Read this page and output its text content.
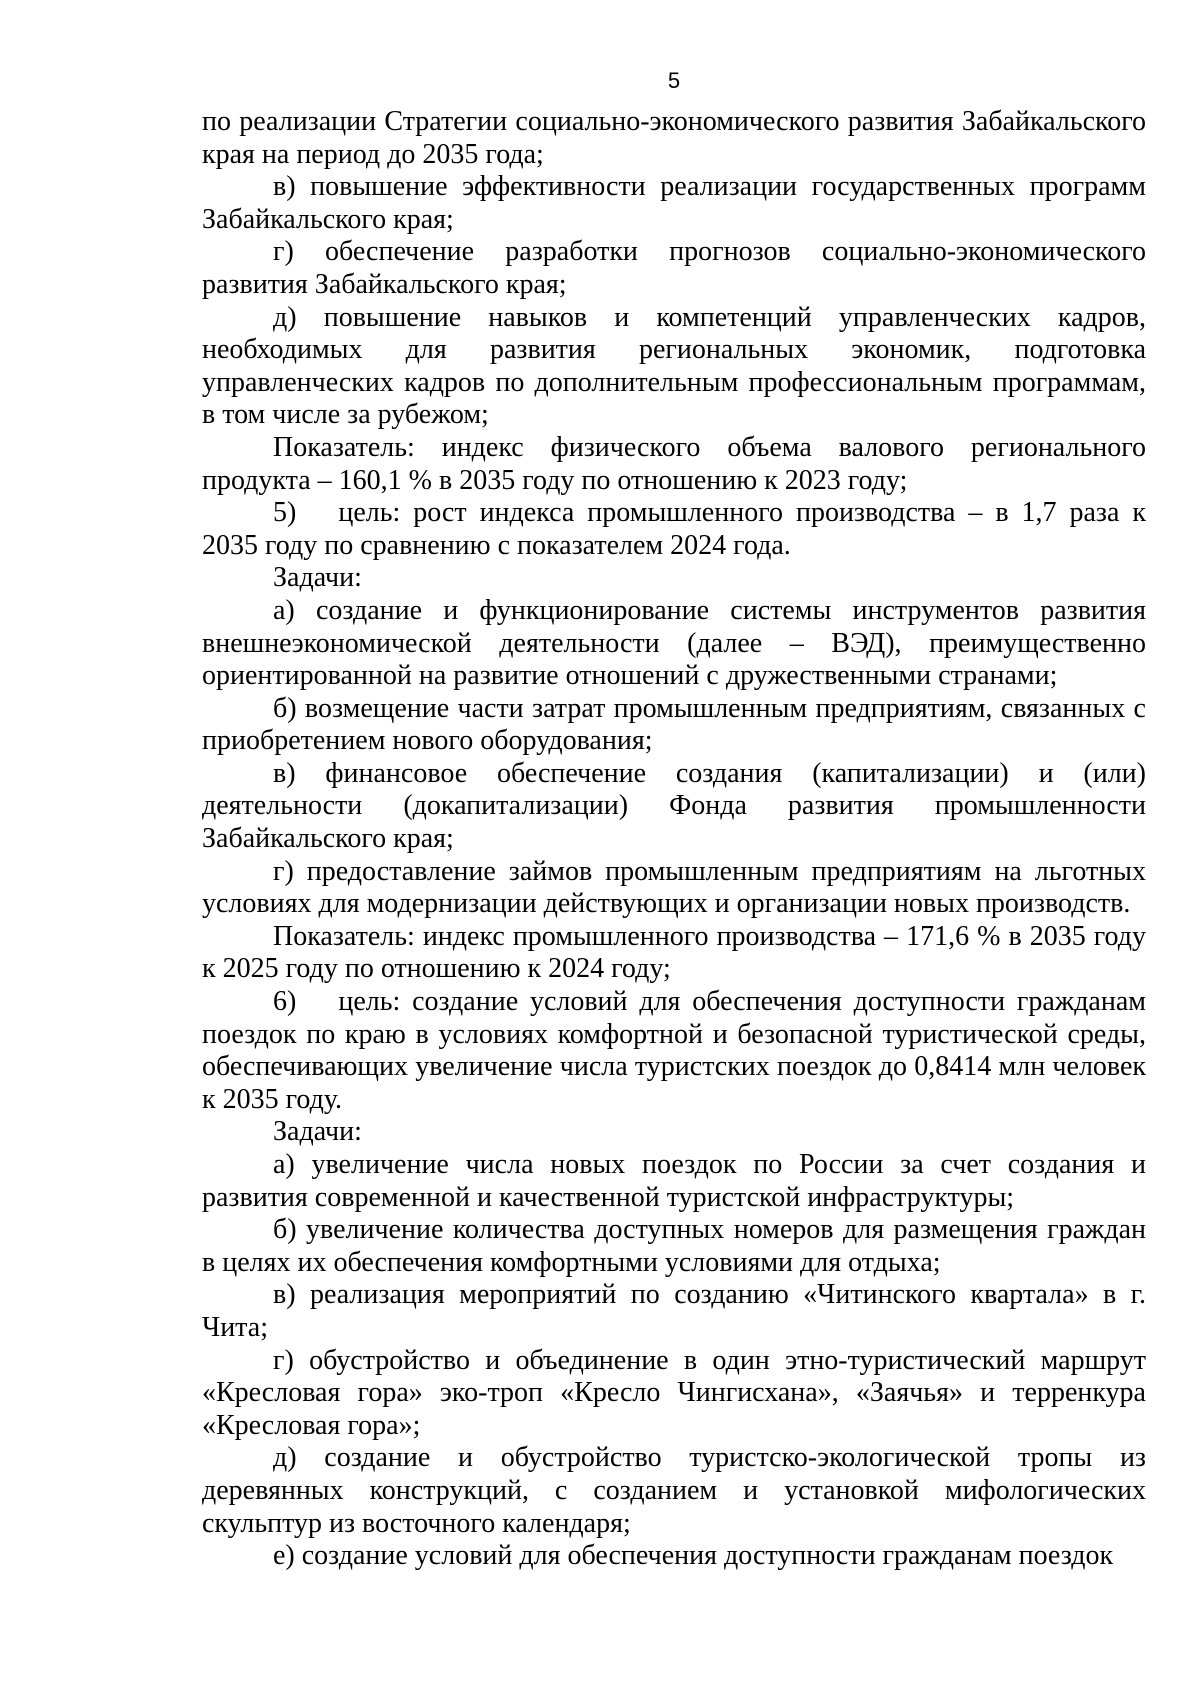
5

по реализации Стратегии социально-экономического развития Забайкальского края на период до 2035 года;

в) повышение эффективности реализации государственных программ Забайкальского края;

г) обеспечение разработки прогнозов социально-экономического развития Забайкальского края;

д) повышение навыков и компетенций управленческих кадров, необходимых для развития региональных экономик, подготовка управленческих кадров по дополнительным профессиональным программам, в том числе за рубежом;

Показатель: индекс физического объема валового регионального продукта – 160,1 % в 2035 году по отношению к 2023 году;

5) цель: рост индекса промышленного производства – в 1,7 раза к 2035 году по сравнению с показателем 2024 года.

Задачи:

а) создание и функционирование системы инструментов развития внешнеэкономической деятельности (далее – ВЭД), преимущественно ориентированной на развитие отношений с дружественными странами;

б) возмещение части затрат промышленным предприятиям, связанных с приобретением нового оборудования;

в) финансовое обеспечение создания (капитализации) и (или) деятельности (докапитализации) Фонда развития промышленности Забайкальского края;

г) предоставление займов промышленным предприятиям на льготных условиях для модернизации действующих и организации новых производств.

Показатель: индекс промышленного производства – 171,6 % в 2035 году к 2025 году по отношению к 2024 году;

6) цель: создание условий для обеспечения доступности гражданам поездок по краю в условиях комфортной и безопасной туристической среды, обеспечивающих увеличение числа туристских поездок до 0,8414 млн человек к 2035 году.

Задачи:

а) увеличение числа новых поездок по России за счет создания и развития современной и качественной туристской инфраструктуры;

б) увеличение количества доступных номеров для размещения граждан в целях их обеспечения комфортными условиями для отдыха;

в) реализация мероприятий по созданию «Читинского квартала» в г. Чита;

г) обустройство и объединение в один этно-туристический маршрут «Кресловая гора» эко-троп «Кресло Чингисхана», «Заячья» и терренкура «Кресловая гора»;

д) создание и обустройство туристско-экологической тропы из деревянных конструкций, с созданием и установкой мифологических скульптур из восточного календаря;

е) создание условий для обеспечения доступности гражданам поездок
